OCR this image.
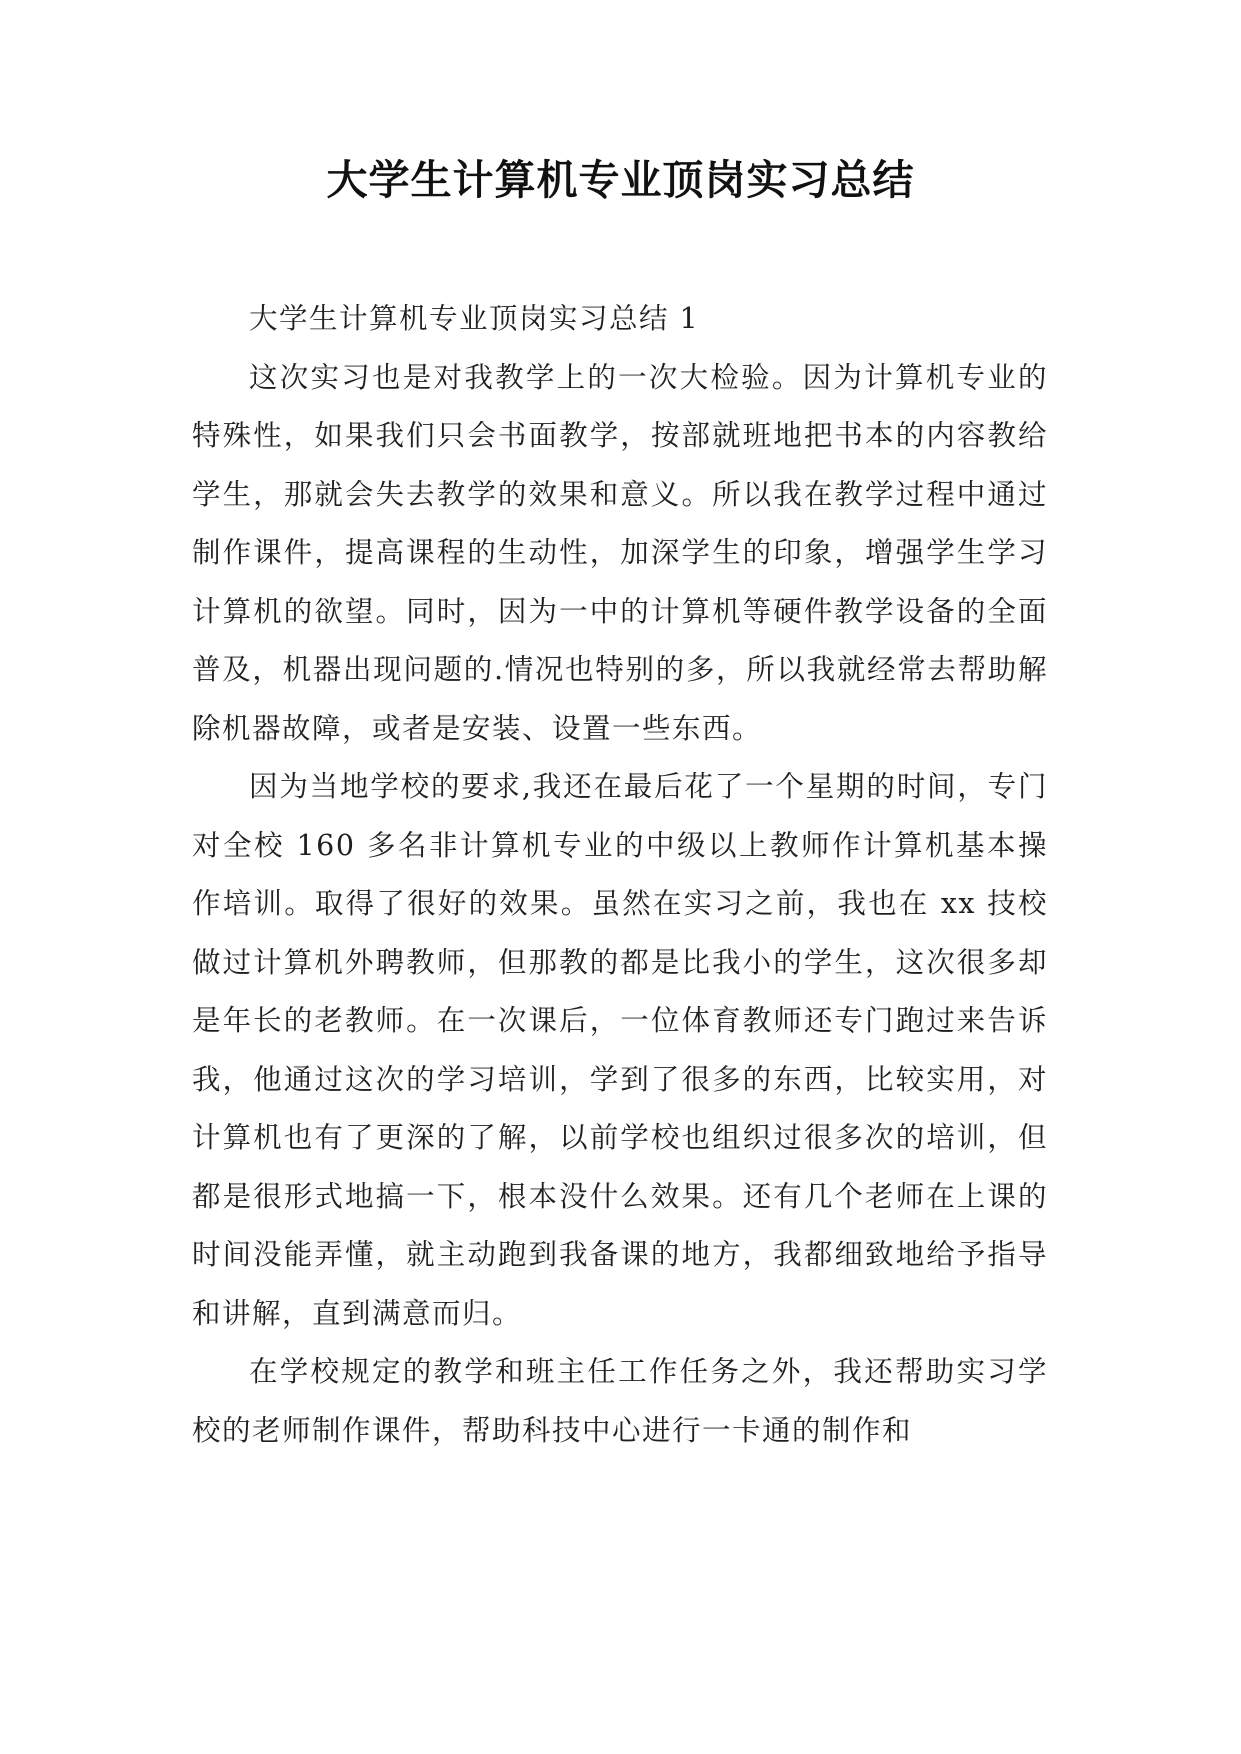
大学生计算机专业顶岗实习总结

大学生计算机专业顶岗实习总结 1

这次实习也是对我教学上的一次大检验。因为计算机专业的特殊性，如果我们只会书面教学，按部就班地把书本的内容教给学生，那就会失去教学的效果和意义。所以我在教学过程中通过制作课件，提高课程的生动性，加深学生的印象，增强学生学习计算机的欲望。同时，因为一中的计算机等硬件教学设备的全面普及，机器出现问题的.情况也特别的多，所以我就经常去帮助解除机器故障，或者是安装、设置一些东西。

因为当地学校的要求,我还在最后花了一个星期的时间，专门对全校 160 多名非计算机专业的中级以上教师作计算机基本操作培训。取得了很好的效果。虽然在实习之前，我也在 xx 技校做过计算机外聘教师，但那教的都是比我小的学生，这次很多却是年长的老教师。在一次课后，一位体育教师还专门跑过来告诉我，他通过这次的学习培训，学到了很多的东西，比较实用，对计算机也有了更深的了解，以前学校也组织过很多次的培训，但都是很形式地搞一下，根本没什么效果。还有几个老师在上课的时间没能弄懂，就主动跑到我备课的地方，我都细致地给予指导和讲解，直到满意而归。

在学校规定的教学和班主任工作任务之外，我还帮助实习学校的老师制作课件，帮助科技中心进行一卡通的制作和
